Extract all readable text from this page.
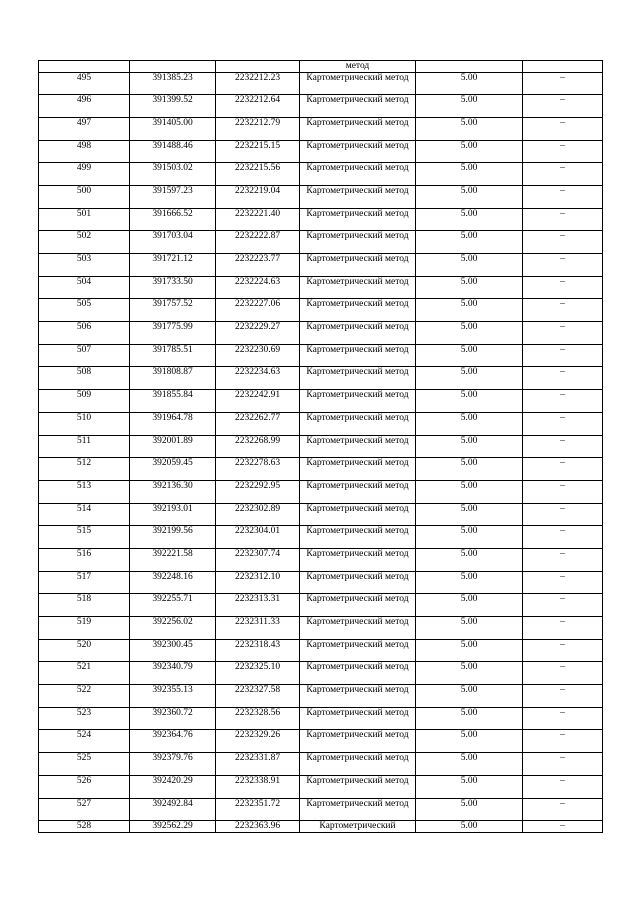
			метод		
495	391385.23	2232212.23	Картометрический метод	5.00	–
496	391399.52	2232212.64	Картометрический метод	5.00	–
497	391405.00	2232212.79	Картометрический метод	5.00	–
498	391488.46	2232215.15	Картометрический метод	5.00	–
499	391503.02	2232215.56	Картометрический метод	5.00	–
500	391597.23	2232219.04	Картометрический метод	5.00	–
501	391666.52	2232221.40	Картометрический метод	5.00	–
502	391703.04	2232222.87	Картометрический метод	5.00	–
503	391721.12	2232223.77	Картометрический метод	5.00	–
504	391733.50	2232224.63	Картометрический метод	5.00	–
505	391757.52	2232227.06	Картометрический метод	5.00	–
506	391775.99	2232229.27	Картометрический метод	5.00	–
507	391785.51	2232230.69	Картометрический метод	5.00	–
508	391808.87	2232234.63	Картометрический метод	5.00	–
509	391855.84	2232242.91	Картометрический метод	5.00	–
510	391964.78	2232262.77	Картометрический метод	5.00	–
511	392001.89	2232268.99	Картометрический метод	5.00	–
512	392059.45	2232278.63	Картометрический метод	5.00	–
513	392136.30	2232292.95	Картометрический метод	5.00	–
514	392193.01	2232302.89	Картометрический метод	5.00	–
515	392199.56	2232304.01	Картометрический метод	5.00	–
516	392221.58	2232307.74	Картометрический метод	5.00	–
517	392248.16	2232312.10	Картометрический метод	5.00	–
518	392255.71	2232313.31	Картометрический метод	5.00	–
519	392256.02	2232311.33	Картометрический метод	5.00	–
520	392300.45	2232318.43	Картометрический метод	5.00	–
521	392340.79	2232325.10	Картометрический метод	5.00	–
522	392355.13	2232327.58	Картометрический метод	5.00	–
523	392360.72	2232328.56	Картометрический метод	5.00	–
524	392364.76	2232329.26	Картометрический метод	5.00	–
525	392379.76	2232331.87	Картометрический метод	5.00	–
526	392420.29	2232338.91	Картометрический метод	5.00	–
527	392492.84	2232351.72	Картометрический метод	5.00	–
528	392562.29	2232363.96	Картометрический	5.00	–
